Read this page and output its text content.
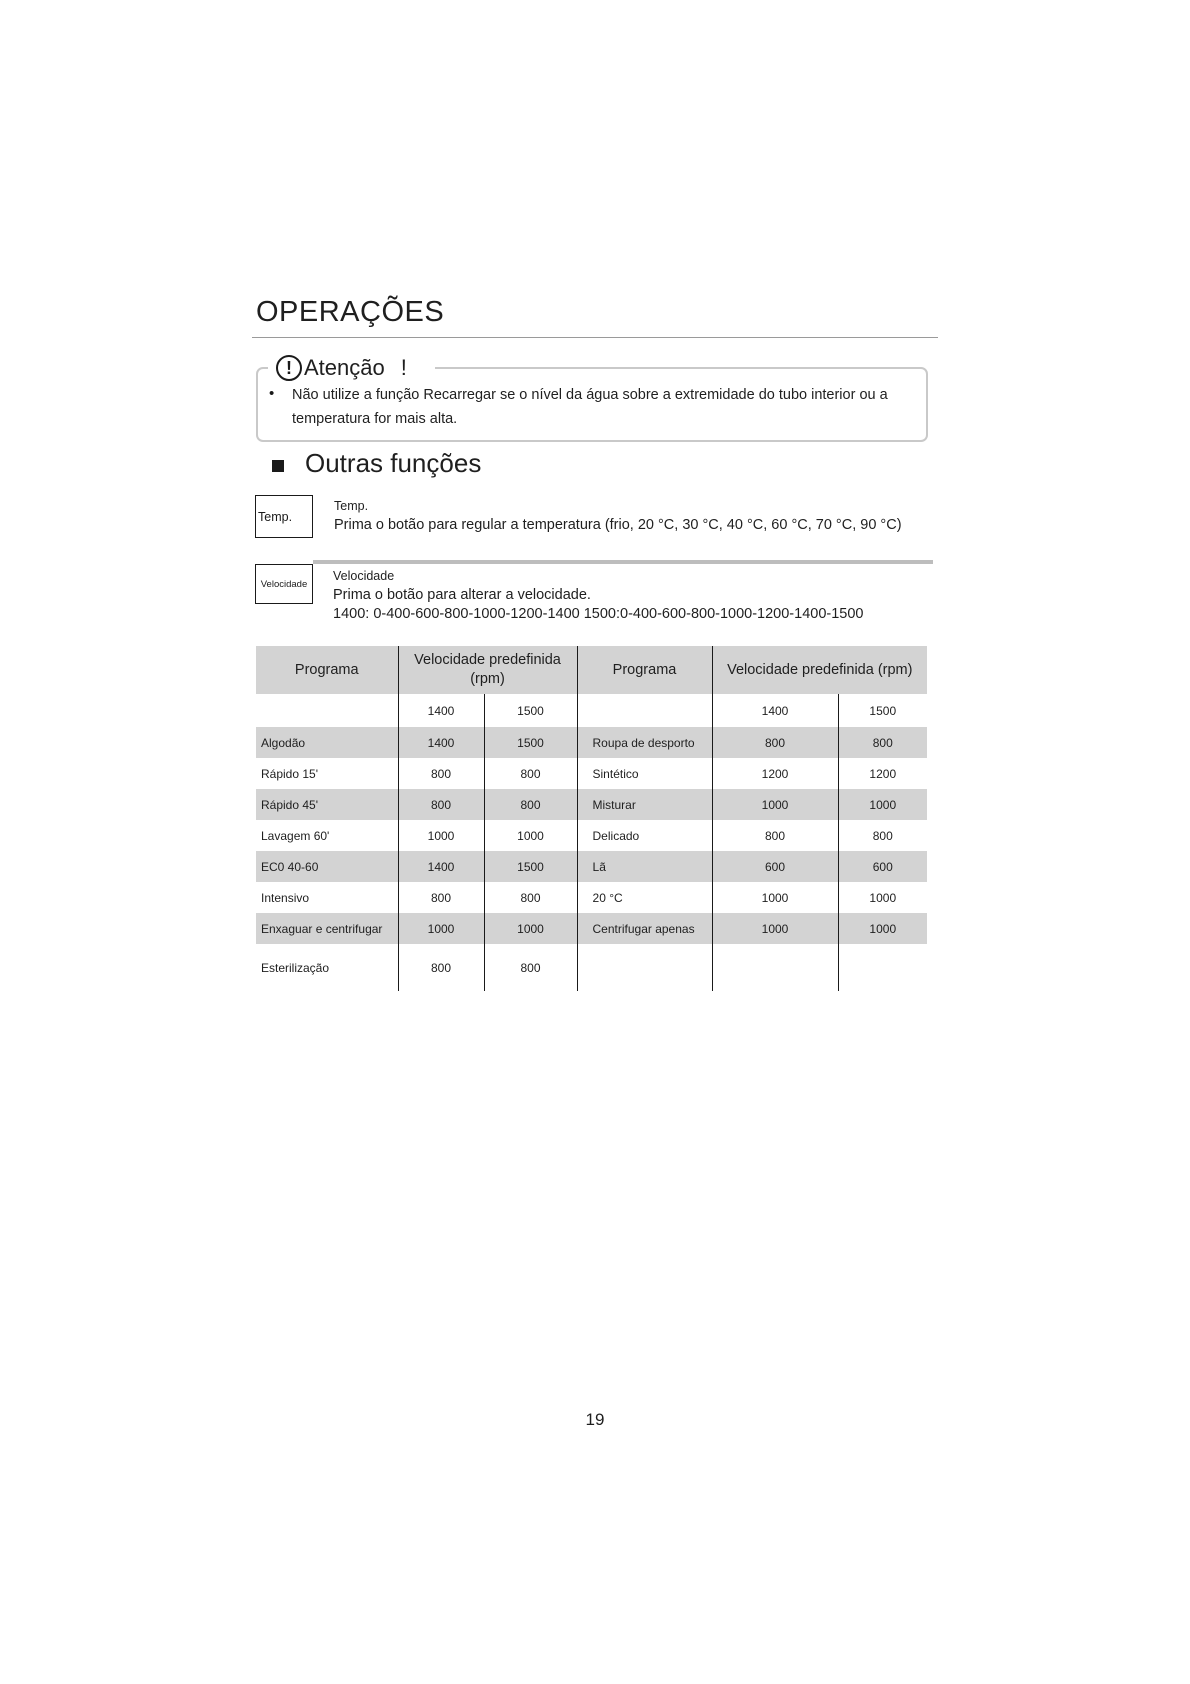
OPERAÇÕES
! Atenção !
• Não utilize a função Recarregar se o nível da água sobre a extremidade do tubo interior ou a temperatura for mais alta.
Outras funções
Temp.
Temp.
Prima o botão para regular a temperatura (frio, 20 °C, 30 °C, 40 °C, 60 °C, 70 °C, 90 °C)
Velocidade
Velocidade
Prima o botão para alterar a velocidade.
1400: 0-400-600-800-1000-1200-1400 1500:0-400-600-800-1000-1200-1400-1500
Programa	Velocidade predefinida (rpm)		Programa	Velocidade predefinida (rpm)	
	1400	1500		1400	1500
Algodão	1400	1500	Roupa de desporto	800	800
Rápido 15'	800	800	Sintético	1200	1200
Rápido 45'	800	800	Misturar	1000	1000
Lavagem 60'	1000	1000	Delicado	800	800
EC0 40-60	1400	1500	Lã	600	600
Intensivo	800	800	20 °C	1000	1000
Enxaguar e centrifugar	1000	1000	Centrifugar apenas	1000	1000
Esterilização	800	800			
19
